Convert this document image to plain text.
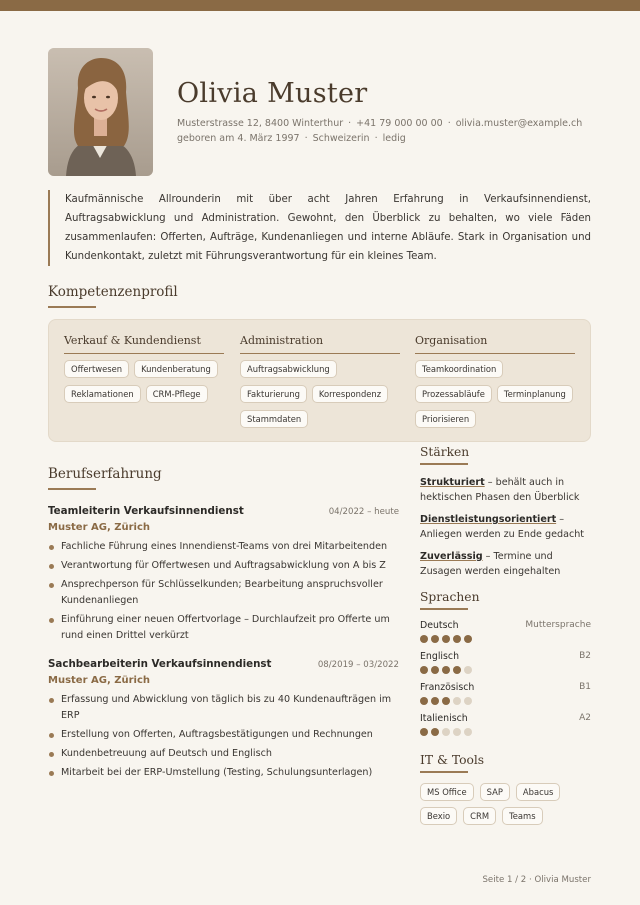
Olivia Muster
Musterstrasse 12, 8400 Winterthur · +41 79 000 00 00 · olivia.muster@example.ch
geboren am 4. März 1997 · Schweizerin · ledig
Kaufmännische Allrounderin mit über acht Jahren Erfahrung in Verkaufsinnendienst, Auftragsabwicklung und Administration. Gewohnt, den Überblick zu behalten, wo viele Fäden zusammenlaufen: Offerten, Aufträge, Kundenanliegen und interne Abläufe. Stark in Organisation und Kundenkontakt, zuletzt mit Führungsverantwortung für ein kleines Team.
Kompetenzenprofil
Verkauf & Kundendienst
Offertwesen	Kundenberatung
Reklamationen	CRM-Pflege
Administration
Auftragsabwicklung
Fakturierung	Korrespondenz
Stammdaten
Organisation
Teamkoordination
Prozessabläufe	Terminplanung
Priorisieren
Berufserfahrung
Teamleiterin Verkaufsinnendienst	04/2022 – heute
Muster AG, Zürich
Fachliche Führung eines Innendienst-Teams von drei Mitarbeitenden
Verantwortung für Offertwesen und Auftragsabwicklung von A bis Z
Ansprechperson für Schlüsselkunden; Bearbeitung anspruchsvoller Kundenanliegen
Einführung einer neuen Offertvorlage – Durchlaufzeit pro Offerte um rund einen Drittel verkürzt
Sachbearbeiterin Verkaufsinnendienst	08/2019 – 03/2022
Muster AG, Zürich
Erfassung und Abwicklung von täglich bis zu 40 Kundenaufträgen im ERP
Erstellung von Offerten, Auftragsbestätigungen und Rechnungen
Kundenbetreuung auf Deutsch und Englisch
Mitarbeit bei der ERP-Umstellung (Testing, Schulungsunterlagen)
Stärken
Strukturiert – behält auch in hektischen Phasen den Überblick
Dienstleistungsorientiert – Anliegen werden zu Ende gedacht
Zuverlässig – Termine und Zusagen werden eingehalten
Sprachen
Deutsch	Muttersprache
Englisch	B2
Französisch	B1
Italienisch	A2
IT & Tools
MS Office	SAP	Abacus
Bexio	CRM	Teams
Seite 1 / 2 · Olivia Muster
